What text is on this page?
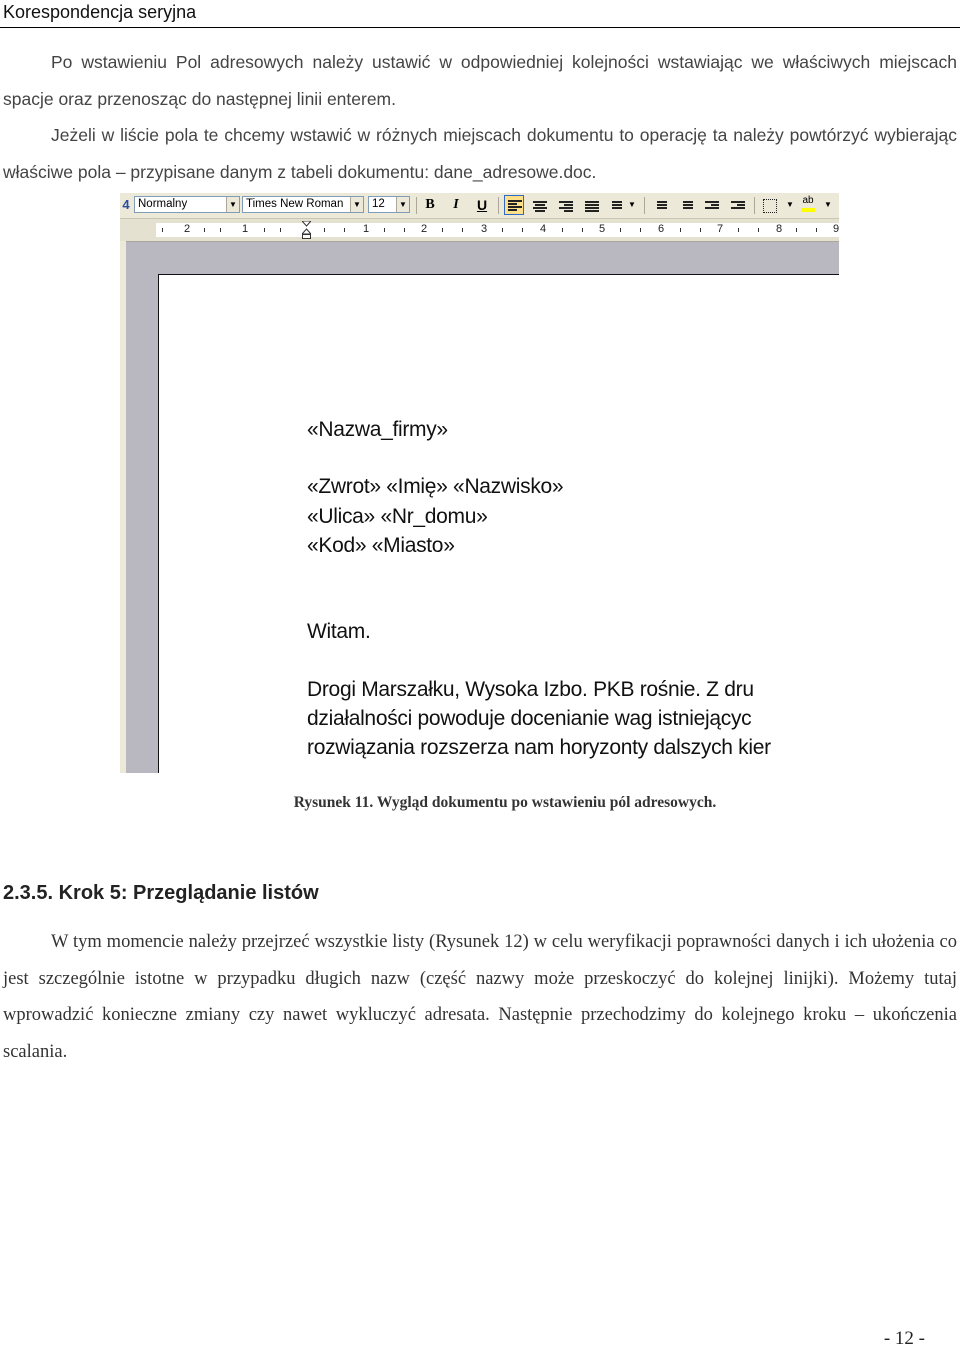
Korespondencja seryjna

Po wstawieniu Pol adresowych należy ustawić w odpowiedniej kolejności wstawiając we właściwych miejscach spacje oraz przenosząc do następnej linii enterem.

Jeżeli w liście pola te chcemy wstawić w różnych miejscach dokumentu to operację ta należy powtórzyć wybierając właściwe pola – przypisane danym z tabeli dokumentu: dane_adresowe.doc.

4 Normalny	▼ Times New Roman	▼ 12	▼	B	I	U	▼	▼ ab	▼
2	1	1	2	3	4	5	6	7	8	9
«Nazwa_firmy»
«Zwrot» «Imię» «Nazwisko»
«Ulica» «Nr_domu»
«Kod» «Miasto»
Witam.
Drogi Marszałku, Wysoka Izbo. PKB rośnie. Z dru
działalności powoduje docenianie wag istniejącyc
rozwiązania rozszerza nam horyzonty dalszych kier
Rysunek 11. Wygląd dokumentu po wstawieniu pól adresowych.
2.3.5. Krok 5: Przeglądanie listów

W tym momencie należy przejrzeć wszystkie listy (Rysunek 12) w celu weryfikacji poprawności danych i ich ułożenia co jest szczególnie istotne w przypadku długich nazw (część nazwy może przeskoczyć do kolejnej linijki). Możemy tutaj wprowadzić konieczne zmiany czy nawet wykluczyć adresata. Następnie przechodzimy do kolejnego kroku – ukończenia scalania.

- 12 -
